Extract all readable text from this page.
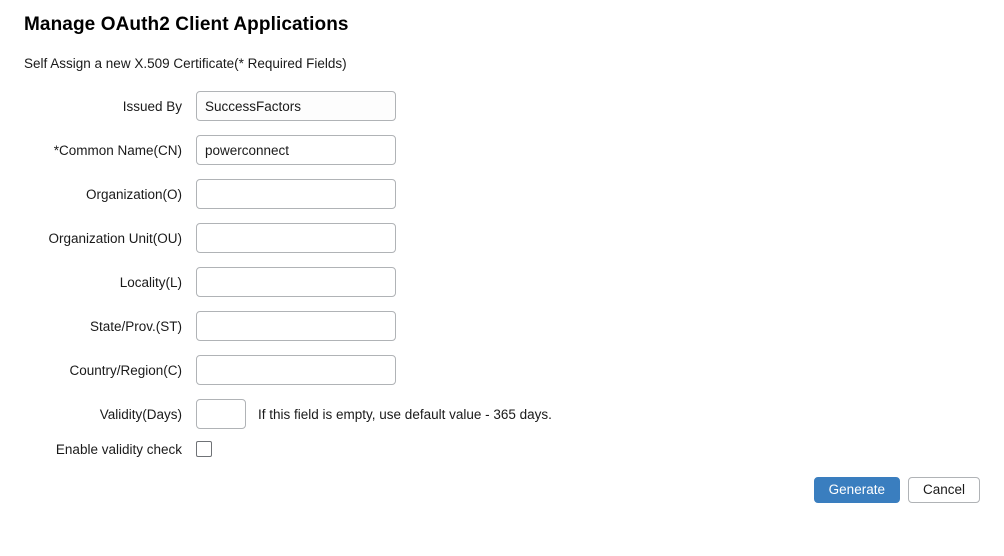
Manage OAuth2 Client Applications
Self Assign a new X.509 Certificate(* Required Fields)
Issued By
SuccessFactors
*Common Name(CN)
powerconnect
Organization(O)
Organization Unit(OU)
Locality(L)
State/Prov.(ST)
Country/Region(C)
Validity(Days)	If this field is empty, use default value - 365 days.
Enable validity check
Generate	Cancel
